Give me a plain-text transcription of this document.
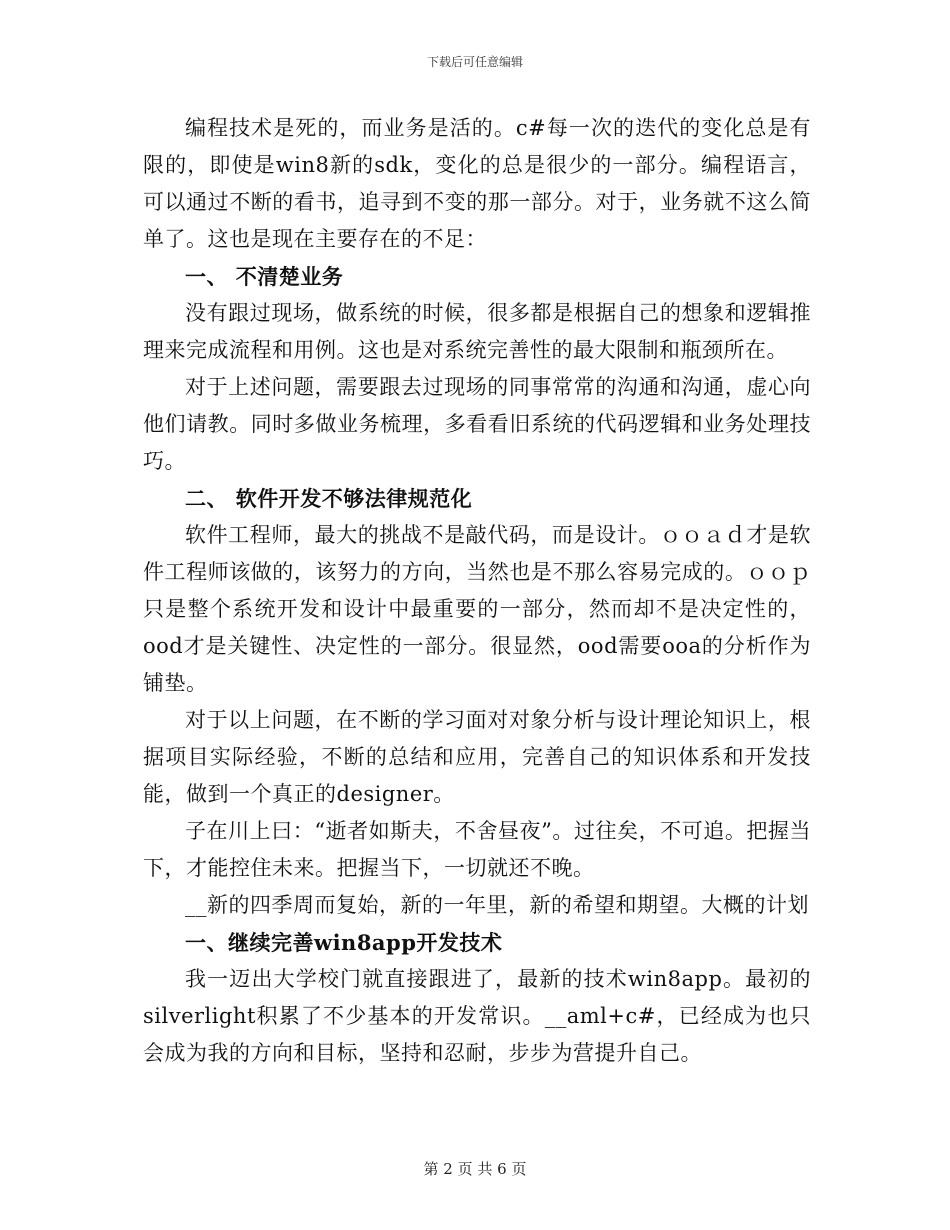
下载后可任意编辑

编程技术是死的，而业务是活的。c#每一次的迭代的变化总是有限的，即使是win8新的sdk，变化的总是很少的一部分。编程语言，可以通过不断的看书，追寻到不变的那一部分。对于，业务就不这么简单了。这也是现在主要存在的不足：

一、 不清楚业务

没有跟过现场，做系统的时候，很多都是根据自己的想象和逻辑推理来完成流程和用例。这也是对系统完善性的最大限制和瓶颈所在。

对于上述问题，需要跟去过现场的同事常常的沟通和沟通，虚心向他们请教。同时多做业务梳理，多看看旧系统的代码逻辑和业务处理技巧。

二、 软件开发不够法律规范化

软件工程师，最大的挑战不是敲代码，而是设计。ｏｏａｄ才是软件工程师该做的，该努力的方向，当然也是不那么容易完成的。ｏｏｐ只是整个系统开发和设计中最重要的一部分，然而却不是决定性的，ood才是关键性、决定性的一部分。很显然，ood需要ooa的分析作为铺垫。

对于以上问题，在不断的学习面对对象分析与设计理论知识上，根据项目实际经验，不断的总结和应用，完善自己的知识体系和开发技能，做到一个真正的designer。

子在川上曰：“逝者如斯夫，不舍昼夜”。过往矣，不可追。把握当下，才能控住未来。把握当下，一切就还不晚。

__新的四季周而复始，新的一年里，新的希望和期望。大概的计划

一、继续完善win8app开发技术

我一迈出大学校门就直接跟进了，最新的技术win8app。最初的silverlight积累了不少基本的开发常识。__aml+c#，已经成为也只会成为我的方向和目标，坚持和忍耐，步步为营提升自己。

第 2 页 共 6 页
